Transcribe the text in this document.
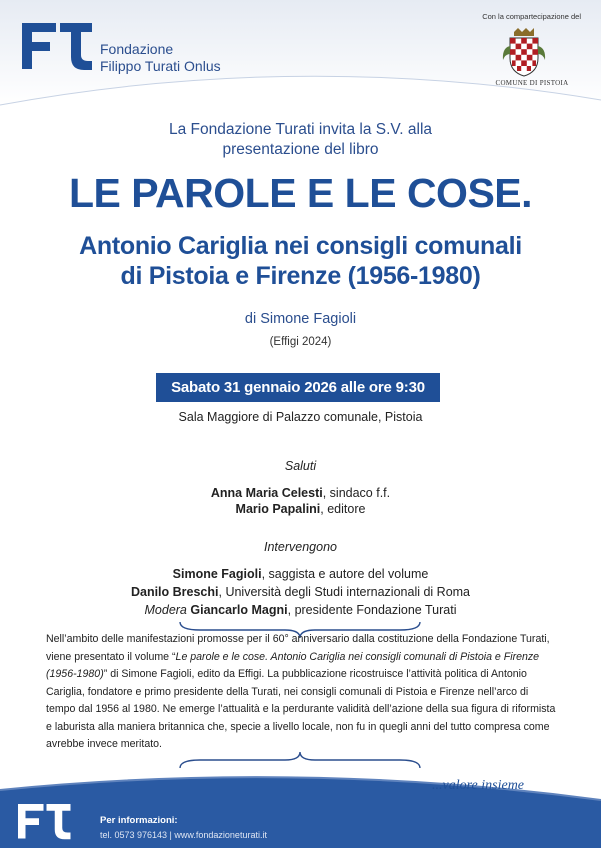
Fondazione
Filippo Turati Onlus
Con la compartecipazione del
COMUNE DI PISTOIA
La Fondazione Turati invita la S.V. alla
presentazione del libro
LE PAROLE E LE COSE.
Antonio Cariglia nei consigli comunali
di Pistoia e Firenze (1956-1980)
di Simone Fagioli
(Effigi 2024)
Sabato 31 gennaio 2026 alle ore 9:30
Sala Maggiore di Palazzo comunale, Pistoia
Saluti
Anna Maria Celesti, sindaco f.f.
Mario Papalini, editore
Intervengono
Simone Fagioli, saggista e autore del volume
Danilo Breschi, Università degli Studi internazionali di Roma
Modera Giancarlo Magni, presidente Fondazione Turati
Nell’ambito delle manifestazioni promosse per il 60° anniversario dalla costituzione della Fondazione Turati, viene presentato il volume “Le parole e le cose. Antonio Cariglia nei consigli comunali di Pistoia e Firenze (1956-1980)” di Simone Fagioli, edito da Effigi. La pubblicazione ricostruisce l’attività politica di Antonio Cariglia, fondatore e primo presidente della Turati, nei consigli comunali di Pistoia e Firenze nell’arco di tempo dal 1956 al 1980. Ne emerge l’attualità e la perdurante validità dell’azione della sua figura di riformista e laburista alla maniera britannica che, specie a livello locale, non fu in quegli anni del tutto compresa come avrebbe invece meritato.
...valore insieme
Per informazioni:
tel. 0573 976143 | www.fondazioneturati.it
